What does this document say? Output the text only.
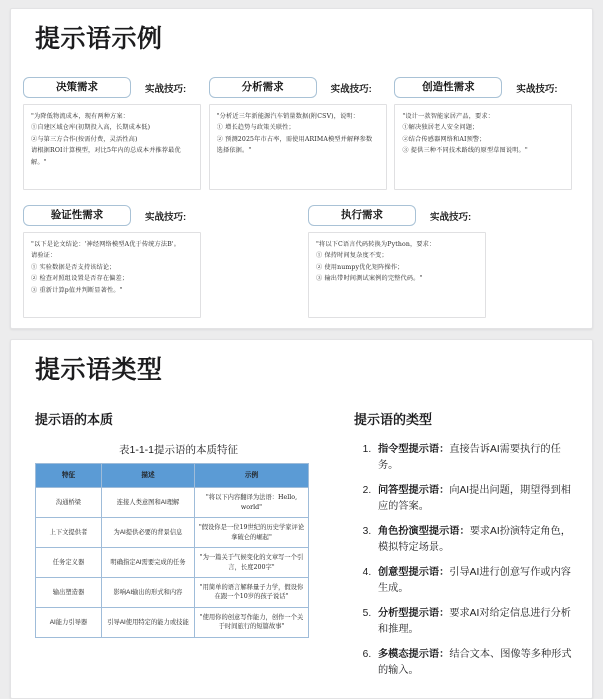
提示语示例
决策需求	实战技巧:
"为降低物流成本，现有两种方案：
①自建区域仓库(初期投入高，长期成本低)
②与第三方合作(按需付费，灵活性高)
请根据ROI计算模型，对比5年内的总成本并推荐最优
解。"
分析需求	实战技巧:
"分析近三年新能源汽车销量数据(附CSV)，说明：
① 增长趋势与政策关联性；
② 预测2025年市占率，需使用ARIMA模型并解释参数
选择依据。"
创造性需求	实战技巧:
"设计一款智能家居产品，要求：
①解决独居老人安全问题；
②结合传感器网络和AI预警；
③ 提供三种不同技术路线的原型草图说明。"
验证性需求	实战技巧:
"以下是论文结论：'神经网络模型A优于传统方法B'。
请验证：
① 实验数据是否支持该结论；
② 检查对照组设置是否存在偏差；
③ 重新计算p值并判断显著性。"
执行需求	实战技巧:
"将以下C语言代码转换为Python，要求：
① 保持时间复杂度不变；
② 使用numpy优化矩阵操作；
③ 输出带时间测试案例的完整代码。"
提示语类型
提示语的本质
表1-1-1提示语的本质特征
特征	描述	示例
沟通桥梁	连接人类意图和AI理解	"将以下内容翻译为法语：Hello, world"
上下文提供者	为AI提供必要的背景信息	"假设你是一位19世纪的历史学家评论拿破仑的崛起"
任务定义器	明确指定AI需要完成的任务	"为一篇关于气候变化的文章写一个引言，长度200字"
输出塑造器	影响AI输出的形式和内容	"用简单的语言解释量子力学，假设你在跟一个10岁的孩子说话"
AI能力引导器	引导AI使用特定的能力或技能	"使用你的创意写作能力，创作一个关于时间旅行的短篇故事"
提示语的类型
1. 指令型提示语：直接告诉AI需要执行的任务。
2. 问答型提示语：向AI提出问题，期望得到相应的答案。
3. 角色扮演型提示语：要求AI扮演特定角色，模拟特定场景。
4. 创意型提示语：引导AI进行创意写作或内容生成。
5. 分析型提示语：要求AI对给定信息进行分析和推理。
6. 多模态提示语：结合文本、图像等多种形式的输入。
